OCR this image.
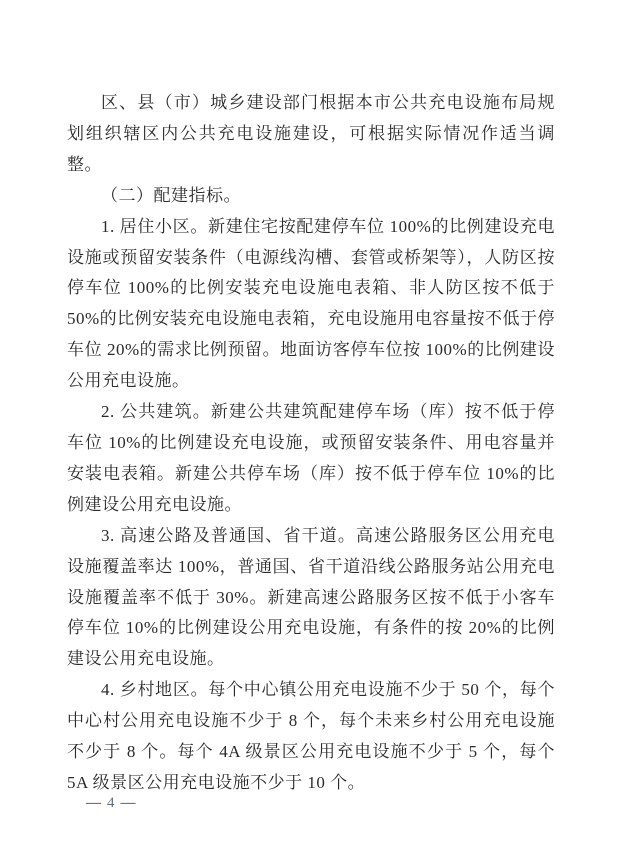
区、县（市）城乡建设部门根据本市公共充电设施布局规划组织辖区内公共充电设施建设，可根据实际情况作适当调整。

（二）配建指标。

1. 居住小区。新建住宅按配建停车位 100%的比例建设充电设施或预留安装条件（电源线沟槽、套管或桥架等），人防区按停车位 100%的比例安装充电设施电表箱、非人防区按不低于 50%的比例安装充电设施电表箱，充电设施用电容量按不低于停车位 20%的需求比例预留。地面访客停车位按 100%的比例建设公用充电设施。

2. 公共建筑。新建公共建筑配建停车场（库）按不低于停车位 10%的比例建设充电设施，或预留安装条件、用电容量并安装电表箱。新建公共停车场（库）按不低于停车位 10%的比例建设公用充电设施。

3. 高速公路及普通国、省干道。高速公路服务区公用充电设施覆盖率达 100%，普通国、省干道沿线公路服务站公用充电设施覆盖率不低于 30%。新建高速公路服务区按不低于小客车停车位 10%的比例建设公用充电设施，有条件的按 20%的比例建设公用充电设施。

4. 乡村地区。每个中心镇公用充电设施不少于 50 个，每个中心村公用充电设施不少于 8 个，每个未来乡村公用充电设施不少于 8 个。每个 4A 级景区公用充电设施不少于 5 个，每个 5A 级景区公用充电设施不少于 10 个。

— 4 —
